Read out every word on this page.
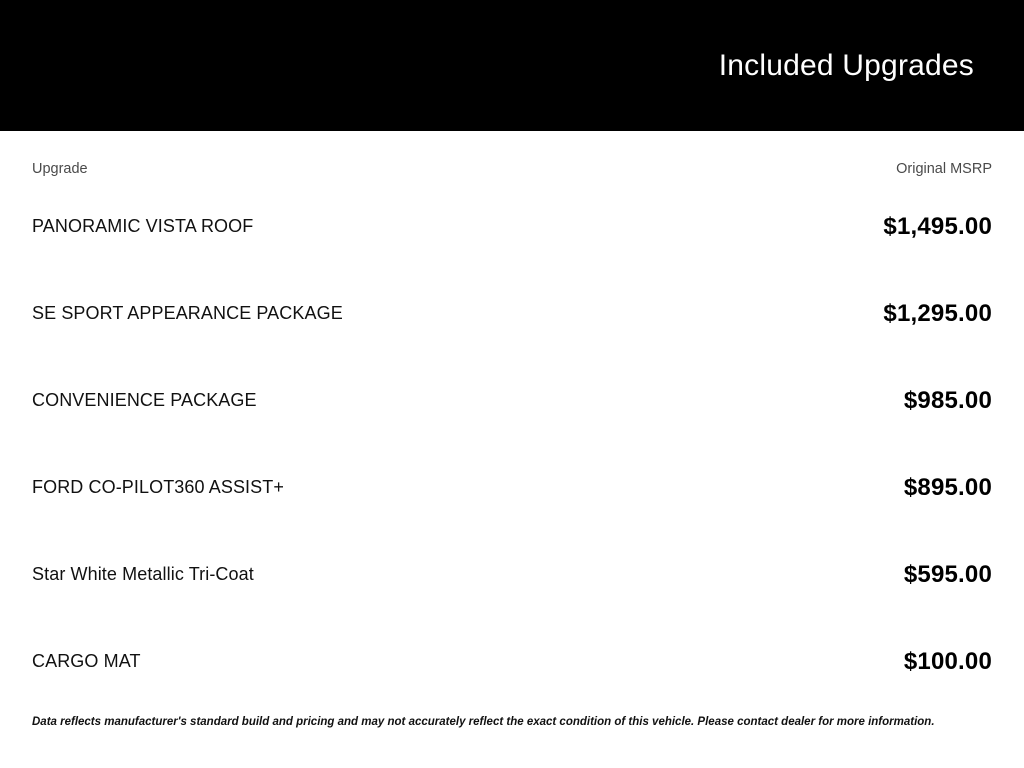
Included Upgrades
Upgrade	Original MSRP
PANORAMIC VISTA ROOF	$1,495.00
SE SPORT APPEARANCE PACKAGE	$1,295.00
CONVENIENCE PACKAGE	$985.00
FORD CO-PILOT360 ASSIST+	$895.00
Star White Metallic Tri-Coat	$595.00
CARGO MAT	$100.00
Data reflects manufacturer's standard build and pricing and may not accurately reflect the exact condition of this vehicle. Please contact dealer for more information.
